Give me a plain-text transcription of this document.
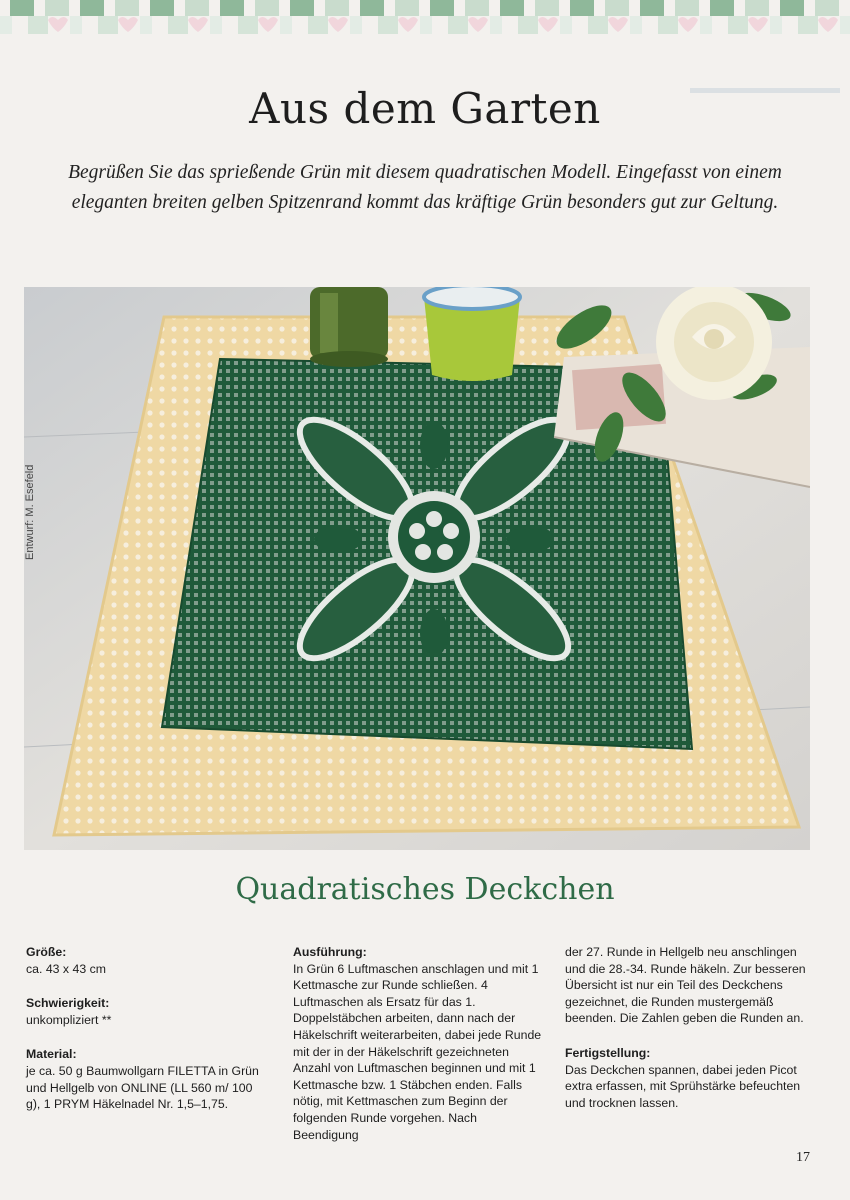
Aus dem Garten
Begrüßen Sie das sprießende Grün mit diesem quadratischen Modell. Eingefasst von einem eleganten breiten gelben Spitzenrand kommt das kräftige Grün besonders gut zur Geltung.
Entwurf: M. Esefeld
Quadratisches Deckchen
Größe:
ca. 43 x 43 cm
Schwierigkeit:
unkompliziert **
Material:
je ca. 50 g Baumwollgarn FILETTA in Grün und Hellgelb von ONLINE (LL 560 m/ 100 g), 1 PRYM Häkelnadel Nr. 1,5–1,75.
Ausführung:
In Grün 6 Luftmaschen anschlagen und mit 1 Kettmasche zur Runde schließen. 4 Luftmaschen als Ersatz für das 1. Doppelstäbchen arbeiten, dann nach der Häkelschrift weiterarbeiten, dabei jede Runde mit der in der Häkelschrift gezeichneten Anzahl von Luftmaschen beginnen und mit 1 Kettmasche bzw. 1 Stäbchen enden. Falls nötig, mit Kettmaschen zum Beginn der folgenden Runde vorgehen. Nach Beendigung
der 27. Runde in Hellgelb neu anschlingen und die 28.-34. Runde häkeln. Zur besseren Übersicht ist nur ein Teil des Deckchens gezeichnet, die Runden mustergemäß beenden. Die Zahlen geben die Runden an.
Fertigstellung:
Das Deckchen spannen, dabei jeden Picot extra erfassen, mit Sprühstärke befeuchten und trocknen lassen.
17
